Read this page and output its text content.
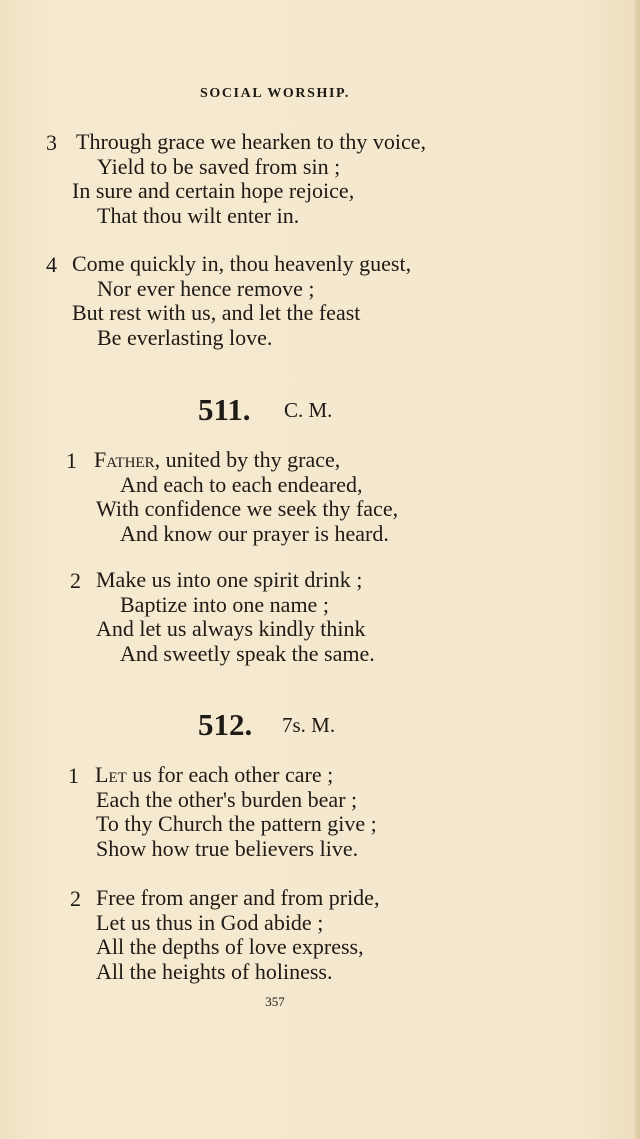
SOCIAL WORSHIP.
3 Through grace we hearken to thy voice,
Yield to be saved from sin ;
In sure and certain hope rejoice,
That thou wilt enter in.
4 Come quickly in, thou heavenly guest,
Nor ever hence remove ;
But rest with us, and let the feast
Be everlasting love.
511. C. M.
1 Father, united by thy grace,
And each to each endeared,
With confidence we seek thy face,
And know our prayer is heard.
2 Make us into one spirit drink ;
Baptize into one name ;
And let us always kindly think
And sweetly speak the same.
512. 7s. M.
1 Let us for each other care ;
Each the other's burden bear ;
To thy Church the pattern give ;
Show how true believers live.
2 Free from anger and from pride,
Let us thus in God abide ;
All the depths of love express,
All the heights of holiness.
357
